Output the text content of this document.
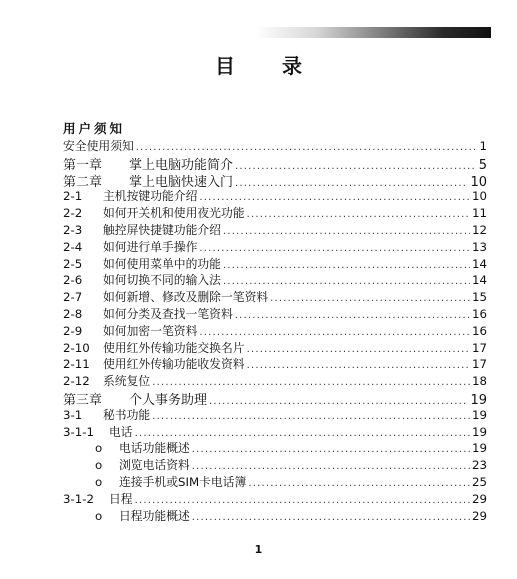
目 录
用户须知
安全使用须知 .....	1
第一章	掌上电脑功能简介 .....	5
第二章	掌上电脑快速入门 .....	10
2-1	主机按键功能介绍 .....	10
2-2	如何开关机和使用夜光功能 .....	11
2-3	触控屏快捷键功能介绍 .....	12
2-4	如何进行单手操作 .....	13
2-5	如何使用菜单中的功能 .....	14
2-6	如何切换不同的输入法 .....	14
2-7	如何新增、修改及删除一笔资料 .....	15
2-8	如何分类及查找一笔资料 .....	16
2-9	如何加密一笔资料 .....	16
2-10	使用红外传输功能交换名片 .....	17
2-11	使用红外传输功能收发资料 .....	17
2-12	系统复位 .....	18
第三章	个人事务助理 .....	19
3-1	秘书功能 .....	19
3-1-1	电话 .....	19
o	电话功能概述 .....	19
o	浏览电话资料 .....	23
o	连接手机或SIM卡电话簿 .....	25
3-1-2	日程 .....	29
o	日程功能概述 .....	29
1
